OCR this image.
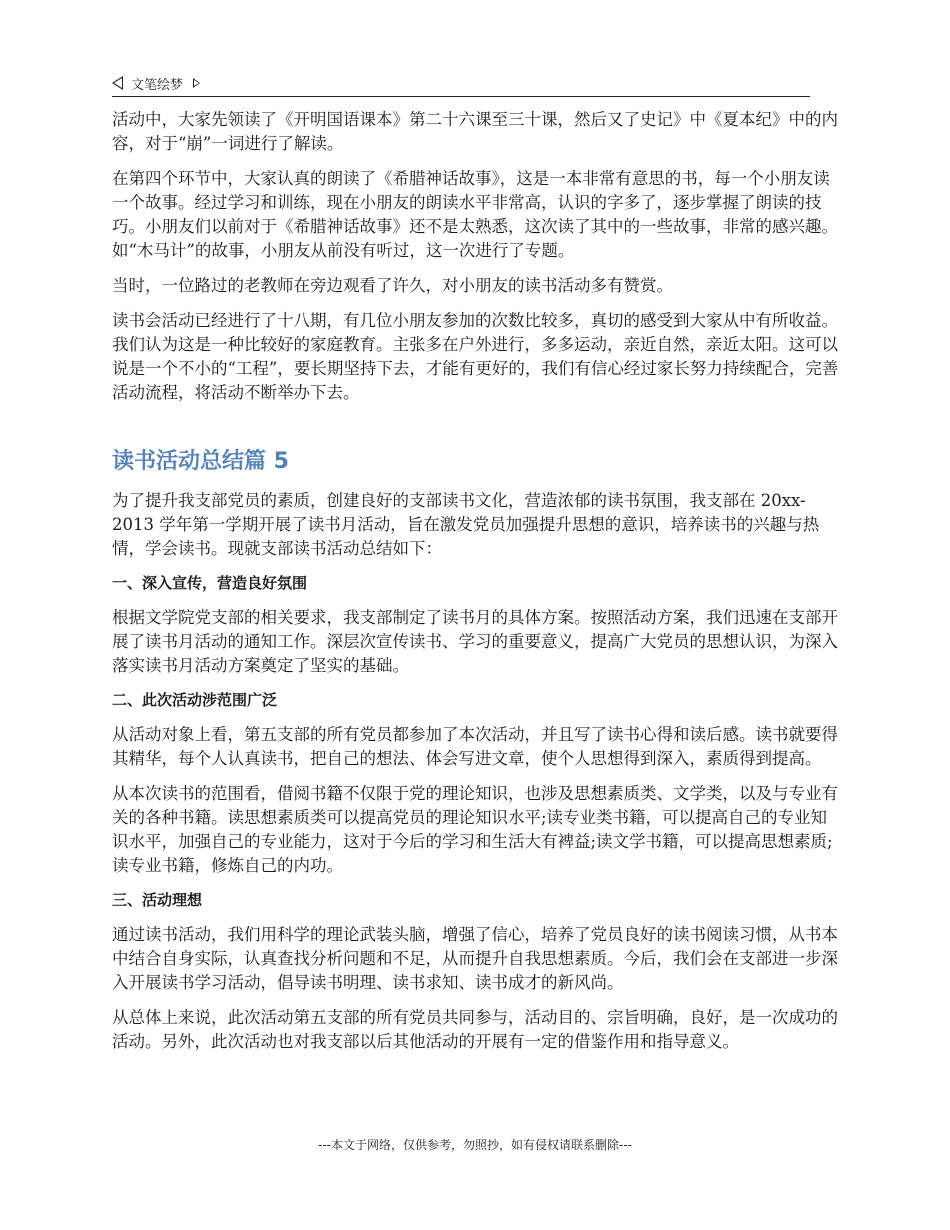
文笔绘梦

活动中，大家先领读了《开明国语课本》第二十六课至三十课，然后又了史记》中《夏本纪》中的内容，对于“崩”一词进行了解读。

在第四个环节中，大家认真的朗读了《希腊神话故事》，这是一本非常有意思的书，每一个小朋友读一个故事。经过学习和训练，现在小朋友的朗读水平非常高，认识的字多了，逐步掌握了朗读的技巧。小朋友们以前对于《希腊神话故事》还不是太熟悉，这次读了其中的一些故事，非常的感兴趣。如“木马计”的故事，小朋友从前没有听过，这一次进行了专题。

当时，一位路过的老教师在旁边观看了许久，对小朋友的读书活动多有赞赏。

读书会活动已经进行了十八期，有几位小朋友参加的次数比较多，真切的感受到大家从中有所收益。我们认为这是一种比较好的家庭教育。主张多在户外进行，多多运动，亲近自然，亲近太阳。这可以说是一个不小的“工程”，要长期坚持下去，才能有更好的，我们有信心经过家长努力持续配合，完善活动流程，将活动不断举办下去。

读书活动总结篇 5

为了提升我支部党员的素质，创建良好的支部读书文化，营造浓郁的读书氛围，我支部在 20xx-2013 学年第一学期开展了读书月活动，旨在激发党员加强提升思想的意识，培养读书的兴趣与热情，学会读书。现就支部读书活动总结如下：

一、深入宣传，营造良好氛围

根据文学院党支部的相关要求，我支部制定了读书月的具体方案。按照活动方案，我们迅速在支部开展了读书月活动的通知工作。深层次宣传读书、学习的重要意义，提高广大党员的思想认识，为深入落实读书月活动方案奠定了坚实的基础。

二、此次活动涉范围广泛

从活动对象上看，第五支部的所有党员都参加了本次活动，并且写了读书心得和读后感。读书就要得其精华，每个人认真读书，把自己的想法、体会写进文章，使个人思想得到深入，素质得到提高。

从本次读书的范围看，借阅书籍不仅限于党的理论知识，也涉及思想素质类、文学类，以及与专业有关的各种书籍。读思想素质类可以提高党员的理论知识水平;读专业类书籍，可以提高自己的专业知识水平，加强自己的专业能力，这对于今后的学习和生活大有裨益;读文学书籍，可以提高思想素质;读专业书籍，修炼自己的内功。

三、活动理想

通过读书活动，我们用科学的理论武装头脑，增强了信心，培养了党员良好的读书阅读习惯，从书本中结合自身实际，认真查找分析问题和不足，从而提升自我思想素质。今后，我们会在支部进一步深入开展读书学习活动，倡导读书明理、读书求知、读书成才的新风尚。

从总体上来说，此次活动第五支部的所有党员共同参与，活动目的、宗旨明确，良好，是一次成功的活动。另外，此次活动也对我支部以后其他活动的开展有一定的借鉴作用和指导意义。

---本文于网络，仅供参考，勿照抄，如有侵权请联系删除---
